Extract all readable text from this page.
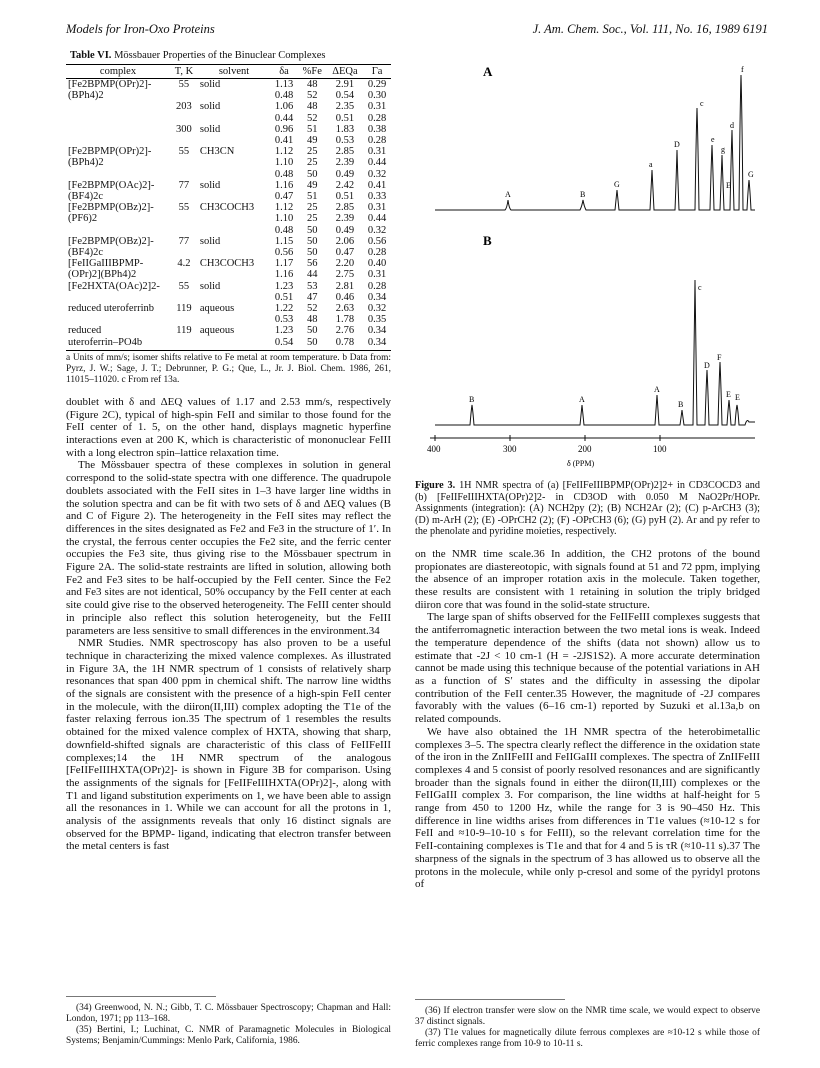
Models for Iron-Oxo Proteins	J. Am. Chem. Soc., Vol. 111, No. 16, 1989 6191
Table VI. Mössbauer Properties of the Binuclear Complexes
complex	T, K	solvent	δa	%Fe	ΔEQa	Γa
[Fe2BPMP(OPr)2]-	55	solid	1.13	48	2.91	0.29
(BPh4)2			0.48	52	0.54	0.30
	203	solid	1.06	48	2.35	0.31
			0.44	52	0.51	0.28
	300	solid	0.96	51	1.83	0.38
			0.41	49	0.53	0.28
[Fe2BPMP(OPr)2]-	55	CH3CN	1.12	25	2.85	0.31
(BPh4)2			1.10	25	2.39	0.44
			0.48	50	0.49	0.32
[Fe2BPMP(OAc)2]-	77	solid	1.16	49	2.42	0.41
(BF4)2c			0.47	51	0.51	0.33
[Fe2BPMP(OBz)2]-	55	CH3COCH3	1.12	25	2.85	0.31
(PF6)2			1.10	25	2.39	0.44
			0.48	50	0.49	0.32
[Fe2BPMP(OBz)2]-	77	solid	1.15	50	2.06	0.56
(BF4)2c			0.56	50	0.47	0.28
[FeIIGaIIIBPMP-	4.2	CH3COCH3	1.17	56	2.20	0.40
(OPr)2](BPh4)2			1.16	44	2.75	0.31
[Fe2HXTA(OAc)2]2-	55	solid	1.23	53	2.81	0.28
			0.51	47	0.46	0.34
reduced uteroferrinb	119	aqueous	1.22	52	2.63	0.32
			0.53	48	1.78	0.35
reduced	119	aqueous	1.23	50	2.76	0.34
uteroferrin–PO4b			0.54	50	0.78	0.34
a Units of mm/s; isomer shifts relative to Fe metal at room temperature. b Data from: Pyrz, J. W.; Sage, J. T.; Debrunner, P. G.; Que, L., Jr. J. Biol. Chem. 1986, 261, 11015–11020. c From ref 13a.

doublet with δ and ΔEQ values of 1.17 and 2.53 mm/s, respectively (Figure 2C), typical of high-spin FeII and similar to those found for the FeII center of 1. 5, on the other hand, displays magnetic hyperfine interactions even at 200 K, which is characteristic of mononuclear FeIII with a long electron spin–lattice relaxation time.

The Mössbauer spectra of these complexes in solution in general correspond to the solid-state spectra with one difference. The quadrupole doublets associated with the FeII sites in 1–3 have larger line widths in the solution spectra and can be fit with two sets of δ and ΔEQ values (B and C of Figure 2). The heterogeneity in the FeII sites may reflect the differences in the sites designated as Fe2 and Fe3 in the structure of 1′. In the crystal, the ferrous center occupies the Fe2 site, and the ferric center occupies the Fe3 site, thus giving rise to the Mössbauer spectrum in Figure 2A. The solid-state restraints are lifted in solution, allowing both Fe2 and Fe3 sites to be half-occupied by the FeII center. Since the Fe2 and Fe3 sites are not identical, 50% occupancy by the FeII center at each site could give rise to the observed heterogeneity. The FeIII center should in principle also reflect this solution heterogeneity, but the FeIII parameters are less sensitive to small differences in the environment.34

NMR Studies. NMR spectroscopy has also proven to be a useful technique in characterizing the mixed valence complexes. As illustrated in Figure 3A, the 1H NMR spectrum of 1 consists of relatively sharp resonances that span 400 ppm in chemical shift. The narrow line widths of the signals are consistent with the presence of a high-spin FeII center in the molecule, with the diiron(II,III) complex adopting the T1e of the faster relaxing ferrous ion.35 The spectrum of 1 resembles the results obtained for the mixed valence complex of HXTA, showing that sharp, downfield-shifted signals are characteristic of this class of FeIIFeIII complexes;14 the 1H NMR spectrum of the analogous [FeIIFeIIIHXTA(OPr)2]- is shown in Figure 3B for comparison. Using the assignments of the signals for [FeIIFeIIIHXTA(OPr)2]-, along with T1 and ligand substitution experiments on 1, we have been able to assign all the resonances in 1. While we can account for all the protons in 1, analysis of the assignments reveals that only 16 distinct signals are observed for the BPMP- ligand, indicating that electron transfer between the metal centers is fast

(34) Greenwood, N. N.; Gibb, T. C. Mössbauer Spectroscopy; Chapman and Hall: London, 1971; pp 113–168.

(35) Bertini, I.; Luchinat, C. NMR of Paramagnetic Molecules in Biological Systems; Benjamin/Cummings: Menlo Park, California, 1986.

A	f
c
d
e
g
D
a
A	B
G
G
E
B
c
D
F
E
B
A
A
E
B
400	300	200	100
δ (PPM)
Figure 3. 1H NMR spectra of (a) [FeIIFeIIIBPMP(OPr)2]2+ in CD3COCD3 and (b) [FeIIFeIIIHXTA(OPr)2]2- in CD3OD with 0.050 M NaO2Pr/HOPr. Assignments (integration): (A) NCH2py (2); (B) NCH2Ar (2); (C) p-ArCH3 (3); (D) m-ArH (2); (E) -OPrCH2 (2); (F) -OPrCH3 (6); (G) pyH (2). Ar and py refer to the phenolate and pyridine moieties, respectively.

on the NMR time scale.36 In addition, the CH2 protons of the bound propionates are diastereotopic, with signals found at 51 and 72 ppm, implying the absence of an improper rotation axis in the molecule. Taken together, these results are consistent with 1 retaining in solution the triply bridged diiron core that was found in the solid-state structure.

The large span of shifts observed for the FeIIFeIII complexes suggests that the antiferromagnetic interaction between the two metal ions is weak. Indeed the temperature dependence of the shifts (data not shown) allow us to estimate that -2J < 10 cm-1 (H = -2JS1S2). A more accurate determination cannot be made using this technique because of the potential variations in AH as a function of S′ states and the difficulty in assessing the dipolar contribution of the FeII center.35 However, the magnitude of -2J compares favorably with the values (6–16 cm-1) reported by Suzuki et al.13a,b on related compounds.

We have also obtained the 1H NMR spectra of the heterobimetallic complexes 3–5. The spectra clearly reflect the difference in the oxidation state of the iron in the ZnIIFeIII and FeIIGaIII complexes. The spectra of ZnIIFeIII complexes 4 and 5 consist of poorly resolved resonances and are significantly broader than the signals found in either the diiron(II,III) complexes or the FeIIGaIII complex 3. For comparison, the line widths at half-height for 5 range from 450 to 1200 Hz, while the range for 3 is 90–450 Hz. This difference in line widths arises from differences in T1e values (≈10-12 s for FeII and ≈10-9–10-10 s for FeIII), so the relevant correlation time for the FeII-containing complexes is T1e and that for 4 and 5 is τR (≈10-11 s).37 The sharpness of the signals in the spectrum of 3 has allowed us to observe all the protons in the molecule, while only p-cresol and some of the pyridyl protons of

(36) If electron transfer were slow on the NMR time scale, we would expect to observe 37 distinct signals.

(37) T1e values for magnetically dilute ferrous complexes are ≈10-12 s while those of ferric complexes range from 10-9 to 10-11 s.
